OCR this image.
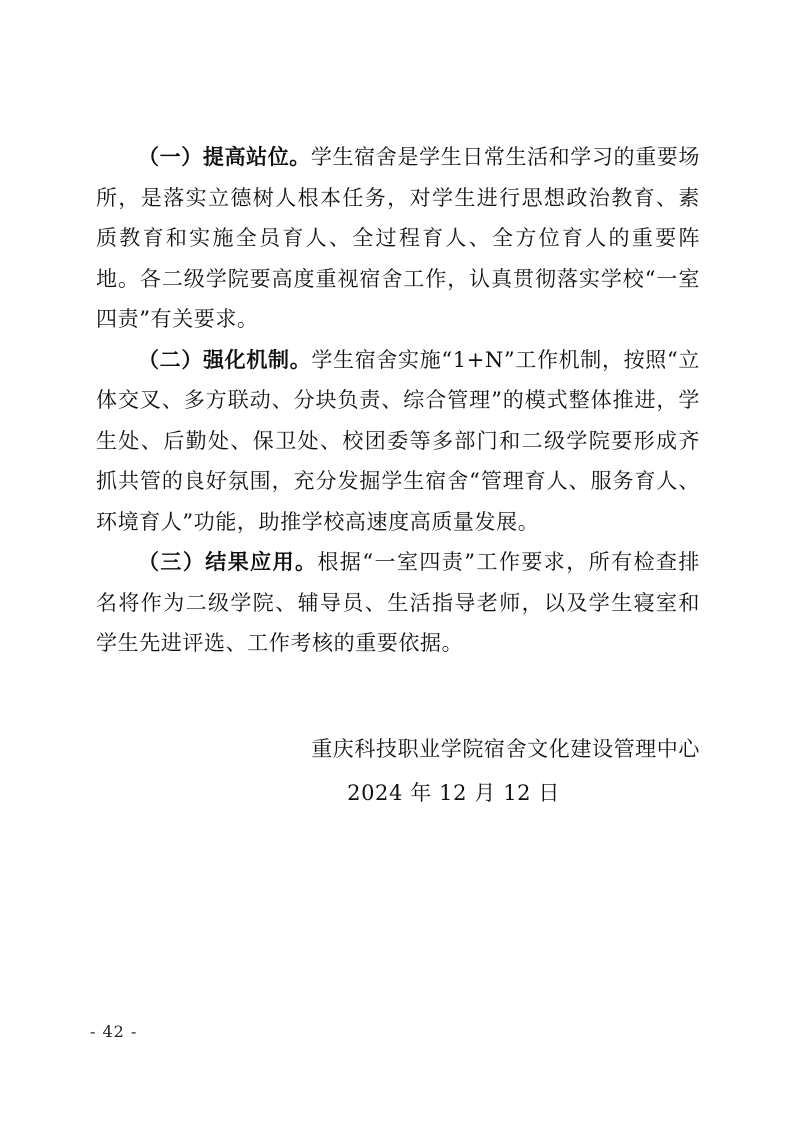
（一）提高站位。学生宿舍是学生日常生活和学习的重要场所，是落实立德树人根本任务，对学生进行思想政治教育、素质教育和实施全员育人、全过程育人、全方位育人的重要阵地。各二级学院要高度重视宿舍工作，认真贯彻落实学校“一室四责”有关要求。

（二）强化机制。学生宿舍实施“1+N”工作机制，按照“立体交叉、多方联动、分块负责、综合管理”的模式整体推进，学生处、后勤处、保卫处、校团委等多部门和二级学院要形成齐抓共管的良好氛围，充分发掘学生宿舍“管理育人、服务育人、环境育人”功能，助推学校高速度高质量发展。

（三）结果应用。根据“一室四责”工作要求，所有检查排名将作为二级学院、辅导员、生活指导老师，以及学生寝室和学生先进评选、工作考核的重要依据。

重庆科技职业学院宿舍文化建设管理中心
2024 年 12 月 12 日
- 42 -
